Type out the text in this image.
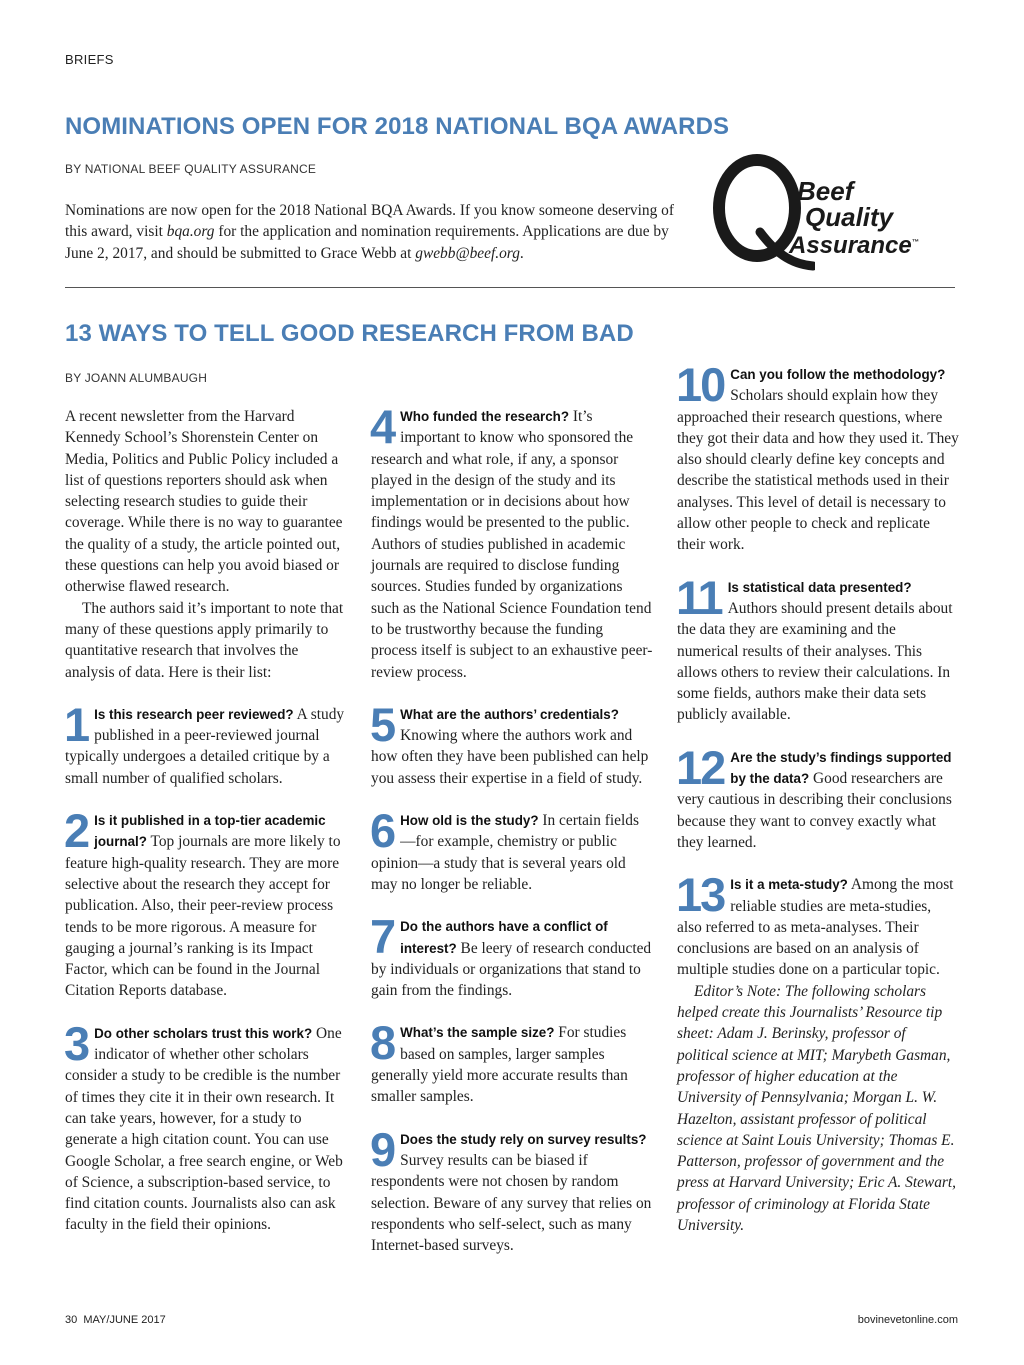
BRIEFS
NOMINATIONS OPEN FOR 2018 NATIONAL BQA AWARDS
BY NATIONAL BEEF QUALITY ASSURANCE

Nominations are now open for the 2018 National BQA Awards. If you know someone deserving of this award, visit bqa.org for the application and nomination requirements. Applications are due by June 2, 2017, and should be submitted to Grace Webb at gwebb@beef.org.

Beef
Quality
Assurance™
13 WAYS TO TELL GOOD RESEARCH FROM BAD
BY JOANN ALUMBAUGH

A recent newsletter from the Harvard Kennedy School’s Shorenstein Center on Media, Politics and Public Policy included a list of questions reporters should ask when selecting research studies to guide their coverage. While there is no way to guarantee the quality of a study, the article pointed out, these questions can help you avoid biased or otherwise flawed research.

The authors said it’s important to note that many of these questions apply primarily to quantitative research that involves the analysis of data. Here is their list:

1 Is this research peer reviewed? A study published in a peer-reviewed journal typically undergoes a detailed critique by a small number of qualified scholars.
2 Is it published in a top-tier academic journal? Top journals are more likely to feature high-quality research. They are more selective about the research they accept for publication. Also, their peer-review process tends to be more rigorous. A measure for gauging a journal’s ranking is its Impact Factor, which can be found in the Journal Citation Reports database.
3 Do other scholars trust this work? One indicator of whether other scholars consider a study to be credible is the number of times they cite it in their own research. It can take years, however, for a study to generate a high citation count. You can use Google Scholar, a free search engine, or Web of Science, a subscription-based service, to find citation counts. Journalists also can ask faculty in the field their opinions.
4 Who funded the research? It’s important to know who sponsored the research and what role, if any, a sponsor played in the design of the study and its implementation or in decisions about how findings would be presented to the public. Authors of studies published in academic journals are required to disclose funding sources. Studies funded by organizations such as the National Science Foundation tend to be trustworthy because the funding process itself is subject to an exhaustive peer-review process.
5 What are the authors’ credentials? Knowing where the authors work and how often they have been published can help you assess their expertise in a field of study.
6 How old is the study? In certain fields—for example, chemistry or public opinion—a study that is several years old may no longer be reliable.
7 Do the authors have a conflict of interest? Be leery of research conducted by individuals or organizations that stand to gain from the findings.
8 What’s the sample size? For studies based on samples, larger samples generally yield more accurate results than smaller samples.
9 Does the study rely on survey results? Survey results can be biased if respondents were not chosen by random selection. Beware of any survey that relies on respondents who self-select, such as many Internet-based surveys.
10 Can you follow the methodology? Scholars should explain how they approached their research questions, where they got their data and how they used it. They also should clearly define key concepts and describe the statistical methods used in their analyses. This level of detail is necessary to allow other people to check and replicate their work.
11 Is statistical data presented? Authors should present details about the data they are examining and the numerical results of their analyses. This allows others to review their calculations. In some fields, authors make their data sets publicly available.
12 Are the study’s findings supported by the data? Good researchers are very cautious in describing their conclusions because they want to convey exactly what they learned.
13 Is it a meta-study? Among the most reliable studies are meta-studies, also referred to as meta-analyses. Their conclusions are based on an analysis of multiple studies done on a particular topic.

Editor’s Note: The following scholars helped create this Journalists’ Resource tip sheet: Adam J. Berinsky, professor of political science at MIT; Marybeth Gasman, professor of higher education at the University of Pennsylvania; Morgan L. W. Hazelton, assistant professor of political science at Saint Louis University; Thomas E. Patterson, professor of government and the press at Harvard University; Eric A. Stewart, professor of criminology at Florida State University.

30 MAY/JUNE 2017	bovinevetonline.com
